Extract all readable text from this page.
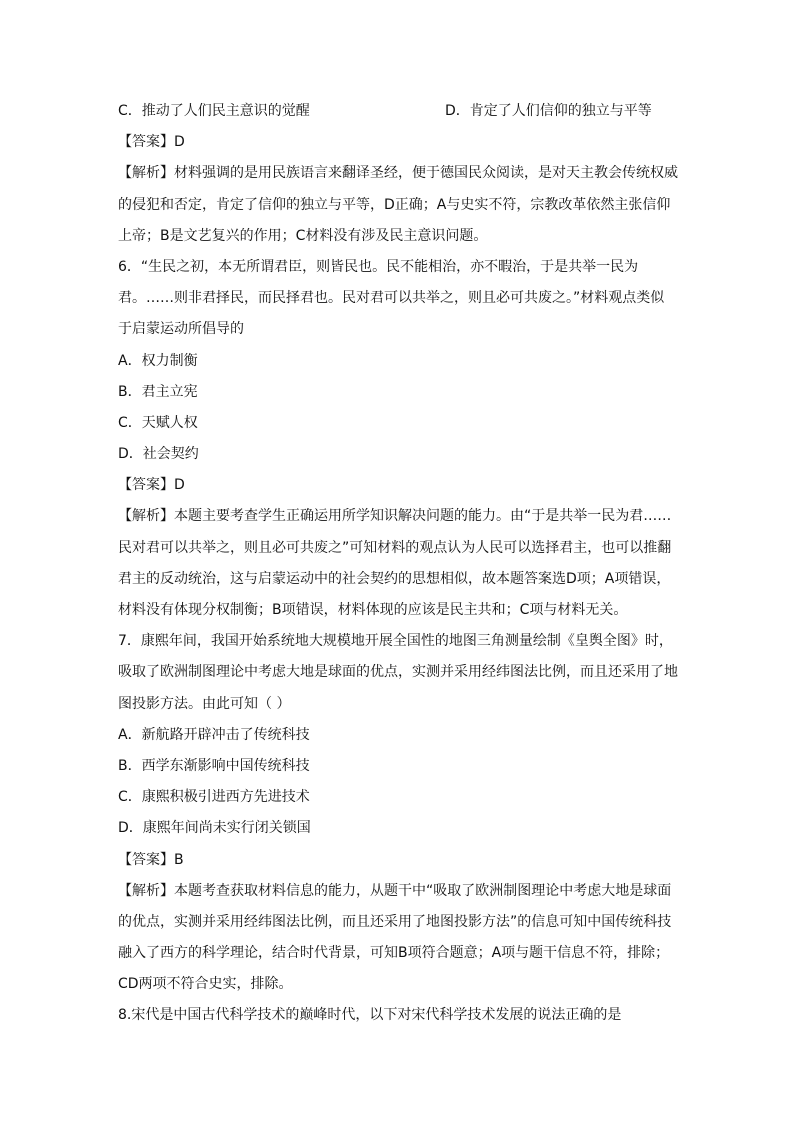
C．推动了人们民主意识的觉醒	D．肯定了人们信仰的独立与平等

【答案】D

【解析】材料强调的是用民族语言来翻译圣经，便于德国民众阅读，是对天主教会传统权威

的侵犯和否定，肯定了信仰的独立与平等，D正确；A与史实不符，宗教改革依然主张信仰

上帝；B是文艺复兴的作用；C材料没有涉及民主意识问题。

6．“生民之初，本无所谓君臣，则皆民也。民不能相治，亦不暇治，于是共举一民为

君。……则非君择民，而民择君也。民对君可以共举之，则且必可共废之。”材料观点类似

于启蒙运动所倡导的

A．权力制衡

B．君主立宪

C．天赋人权

D．社会契约

【答案】D

【解析】本题主要考查学生正确运用所学知识解决问题的能力。由“于是共举一民为君……

民对君可以共举之，则且必可共废之”可知材料的观点认为人民可以选择君主，也可以推翻

君主的反动统治，这与启蒙运动中的社会契约的思想相似，故本题答案选D项；A项错误，

材料没有体现分权制衡；B项错误，材料体现的应该是民主共和；C项与材料无关。

7．康熙年间，我国开始系统地大规模地开展全国性的地图三角测量绘制《皇舆全图》时，

吸取了欧洲制图理论中考虑大地是球面的优点，实测并采用经纬图法比例，而且还采用了地

图投影方法。由此可知（ ）

A．新航路开辟冲击了传统科技

B．西学东渐影响中国传统科技

C．康熙积极引进西方先进技术

D．康熙年间尚未实行闭关锁国

【答案】B

【解析】本题考查获取材料信息的能力，从题干中“吸取了欧洲制图理论中考虑大地是球面

的优点，实测并采用经纬图法比例，而且还采用了地图投影方法”的信息可知中国传统科技

融入了西方的科学理论，结合时代背景，可知B项符合题意；A项与题干信息不符，排除；

CD两项不符合史实，排除。

8.宋代是中国古代科学技术的巅峰时代，以下对宋代科学技术发展的说法正确的是
